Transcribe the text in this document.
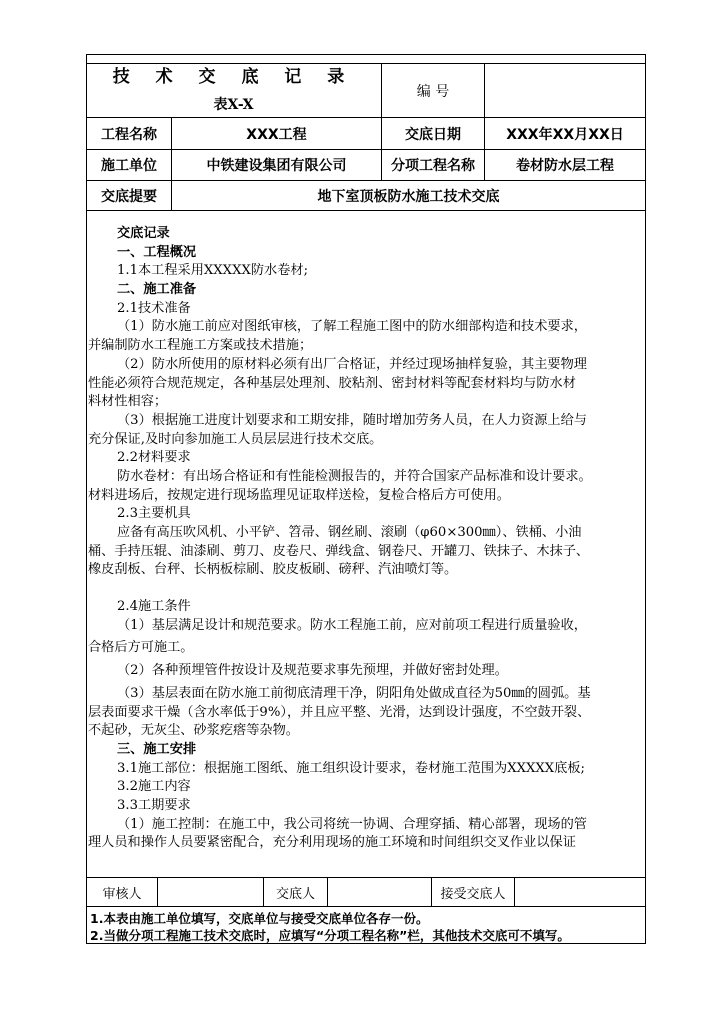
技 术 交 底 记 录
表X-X
编 号
工程名称	XXX工程	交底日期	XXX年XX月XX日
施工单位	中铁建设集团有限公司	分项工程名称	卷材防水层工程
交底提要	地下室顶板防水施工技术交底
交底记录
一、工程概况
1.1本工程采用XXXXX防水卷材;
二、施工准备
2.1技术准备
（1）防水施工前应对图纸审核，了解工程施工图中的防水细部构造和技术要求，
并编制防水工程施工方案或技术措施；
（2）防水所使用的原材料必须有出厂合格证，并经过现场抽样复验，其主要物理
性能必须符合规范规定，各种基层处理剂、胶粘剂、密封材料等配套材料均与防水材
料材性相容；
（3）根据施工进度计划要求和工期安排，随时增加劳务人员，在人力资源上给与
充分保证,及时向参加施工人员层层进行技术交底。
2.2材料要求
防水卷材：有出场合格证和有性能检测报告的，并符合国家产品标准和设计要求。
材料进场后，按规定进行现场监理见证取样送检，复检合格后方可使用。
2.3主要机具
应备有高压吹风机、小平铲、笤帚、钢丝刷、滚刷（φ60×300㎜）、铁桶、小油
桶、手持压辊、油漆刷、剪刀、皮卷尺、弹线盒、钢卷尺、开罐刀、铁抹子、木抹子、
橡皮刮板、台秤、长柄板棕刷、胶皮板刷、磅秤、汽油喷灯等。
2.4施工条件
（1）基层满足设计和规范要求。防水工程施工前，应对前项工程进行质量验收，
合格后方可施工。
（2）各种预埋管件按设计及规范要求事先预埋，并做好密封处理。
（3）基层表面在防水施工前彻底清理干净，阴阳角处做成直径为50㎜的圆弧。基
层表面要求干燥（含水率低于9%），并且应平整、光滑，达到设计强度，不空鼓开裂、
不起砂，无灰尘、砂浆疙瘩等杂物。
三、施工安排
3.1施工部位：根据施工图纸、施工组织设计要求，卷材施工范围为XXXXX底板;
3.2施工内容
3.3工期要求
（1）施工控制：在施工中，我公司将统一协调、合理穿插、精心部署，现场的管
理人员和操作人员要紧密配合，充分利用现场的施工环境和时间组织交叉作业以保证
审核人	交底人	接受交底人
1.本表由施工单位填写，交底单位与接受交底单位各存一份。
2.当做分项工程施工技术交底时，应填写“分项工程名称”栏，其他技术交底可不填写。
